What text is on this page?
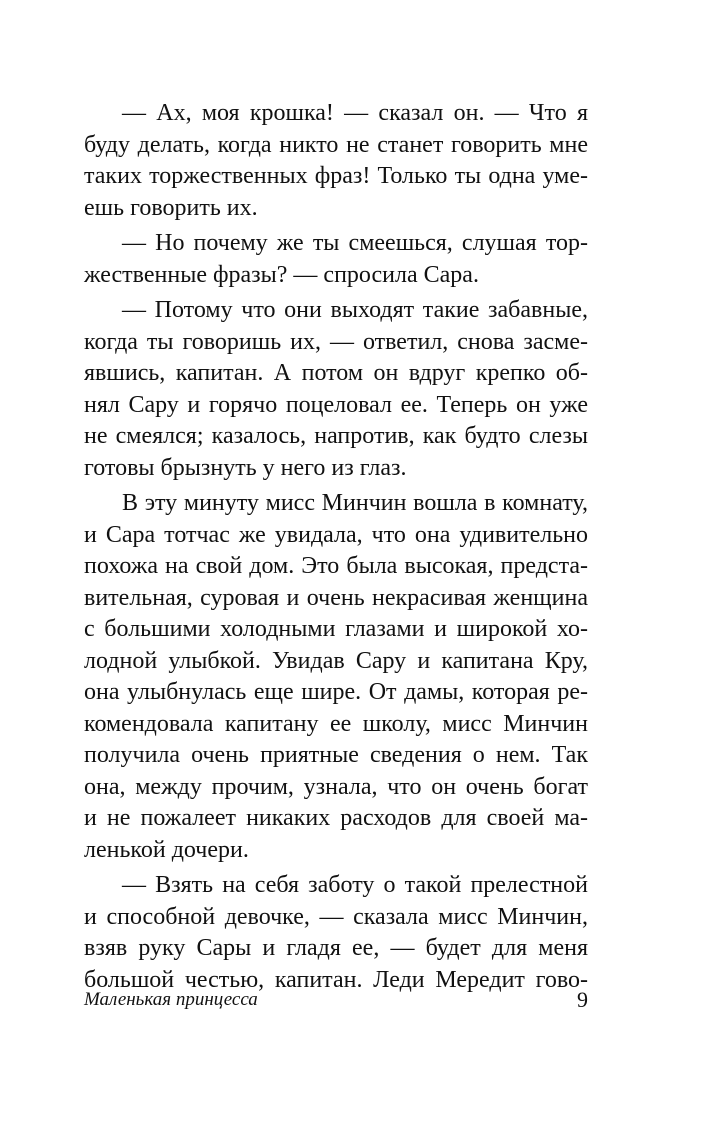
— Ах, моя крошка! — сказал он. — Что я
буду делать, когда никто не станет говорить мне
таких торжественных фраз! Только ты одна уме-
ешь говорить их.

— Но почему же ты смеешься, слушая тор-
жественные фразы? — спросила Сара.

— Потому что они выходят такие забавные,
когда ты говоришь их, — ответил, снова засме-
явшись, капитан. А потом он вдруг крепко об-
нял Сару и горячо поцеловал ее. Теперь он уже
не смеялся; казалось, напротив, как будто слезы
готовы брызнуть у него из глаз.

В эту минуту мисс Минчин вошла в комнату,
и Сара тотчас же увидала, что она удивительно
похожа на свой дом. Это была высокая, предста-
вительная, суровая и очень некрасивая женщина
с большими холодными глазами и широкой хо-
лодной улыбкой. Увидав Сару и капитана Кру,
она улыбнулась еще шире. От дамы, которая ре-
комендовала капитану ее школу, мисс Минчин
получила очень приятные сведения о нем. Так
она, между прочим, узнала, что он очень богат
и не пожалеет никаких расходов для своей ма-
ленькой дочери.

— Взять на себя заботу о такой прелестной
и способной девочке, — сказала мисс Минчин,
взяв руку Сары и гладя ее, — будет для меня
большой честью, капитан. Леди Мередит гово-

Маленькая принцесса	9
